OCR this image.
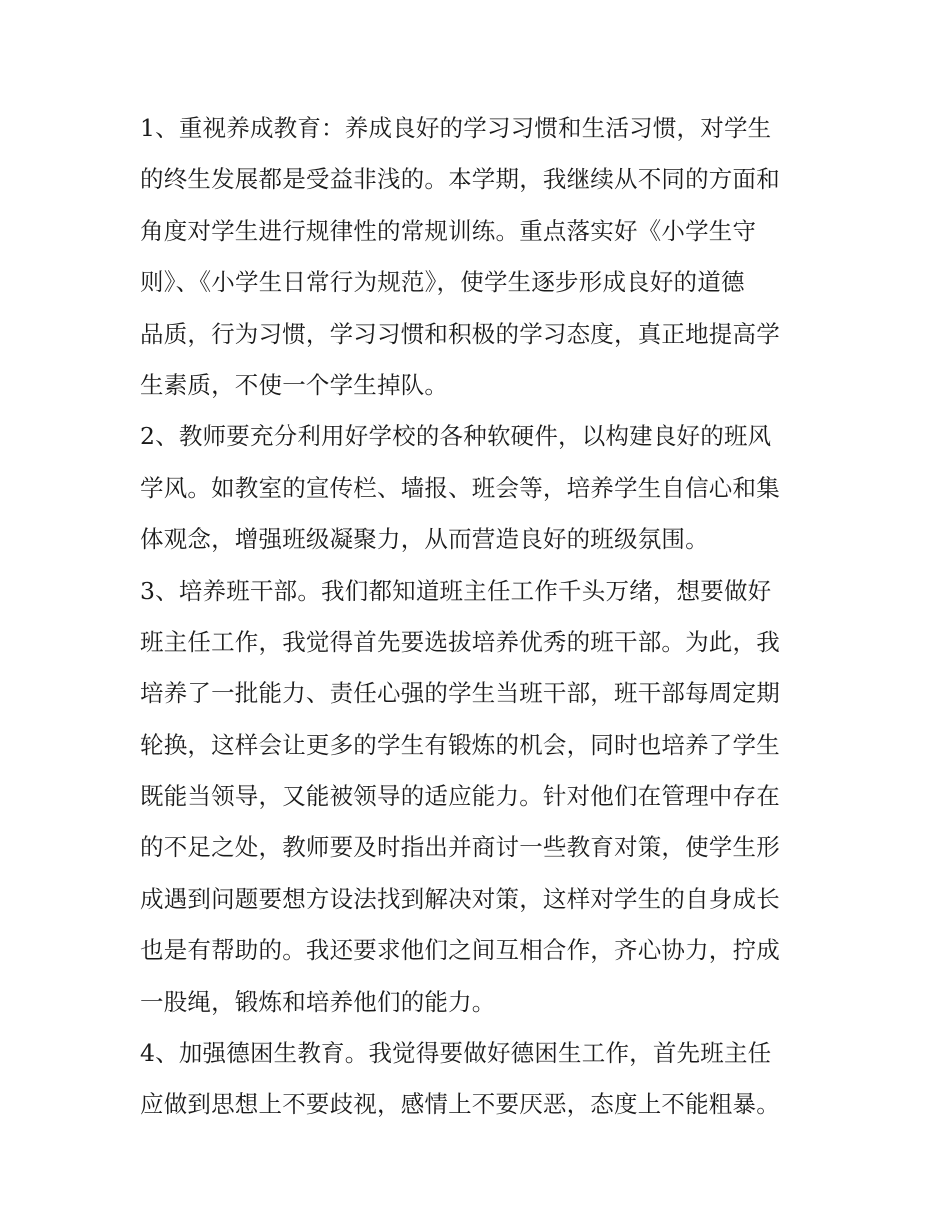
1、重视养成教育：养成良好的学习习惯和生活习惯，对学生
的终生发展都是受益非浅的。本学期，我继续从不同的方面和
角度对学生进行规律性的常规训练。重点落实好《小学生守
则》、《小学生日常行为规范》，使学生逐步形成良好的道德
品质，行为习惯，学习习惯和积极的学习态度，真正地提高学
生素质，不使一个学生掉队。
2、教师要充分利用好学校的各种软硬件，以构建良好的班风
学风。如教室的宣传栏、墙报、班会等，培养学生自信心和集
体观念，增强班级凝聚力，从而营造良好的班级氛围。
3、培养班干部。我们都知道班主任工作千头万绪，想要做好
班主任工作，我觉得首先要选拔培养优秀的班干部。为此，我
培养了一批能力、责任心强的学生当班干部，班干部每周定期
轮换，这样会让更多的学生有锻炼的机会，同时也培养了学生
既能当领导，又能被领导的适应能力。针对他们在管理中存在
的不足之处，教师要及时指出并商讨一些教育对策，使学生形
成遇到问题要想方设法找到解决对策，这样对学生的自身成长
也是有帮助的。我还要求他们之间互相合作，齐心协力，拧成
一股绳，锻炼和培养他们的能力。
4、加强德困生教育。我觉得要做好德困生工作，首先班主任
应做到思想上不要歧视，感情上不要厌恶，态度上不能粗暴。
